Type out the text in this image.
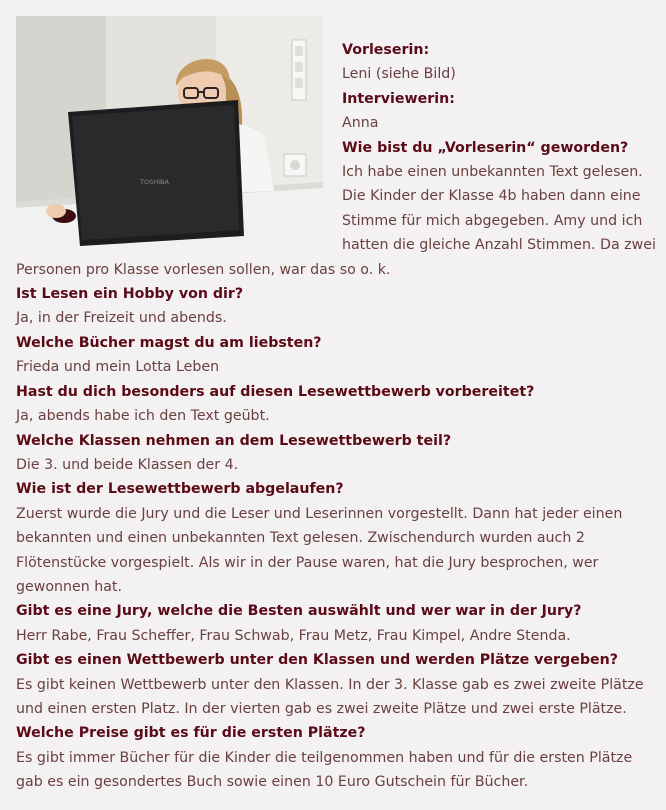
TOSHIBA

Vorleserin:

Leni (siehe Bild)

Interviewerin:

Anna

Wie bist du „Vorleserin“ geworden?

Ich habe einen unbekannten Text gelesen. Die Kinder der Klasse 4b haben dann eine Stimme für mich abgegeben. Amy und ich hatten die gleiche Anzahl Stimmen. Da zwei Personen pro Klasse vorlesen sollen, war das so o. k.

Ist Lesen ein Hobby von dir?

Ja, in der Freizeit und abends.

Welche Bücher magst du am liebsten?

Frieda und mein Lotta Leben

Hast du dich besonders auf diesen Lesewettbewerb vorbereitet?

Ja, abends habe ich den Text geübt.

Welche Klassen nehmen an dem Lesewettbewerb teil?

Die 3. und beide Klassen der 4.

Wie ist der Lesewettbewerb abgelaufen?

Zuerst wurde die Jury und die Leser und Leserinnen vorgestellt. Dann hat jeder einen bekannten und einen unbekannten Text gelesen. Zwischendurch wurden auch 2 Flötenstücke vorgespielt. Als wir in der Pause waren, hat die Jury besprochen, wer gewonnen hat.

Gibt es eine Jury, welche die Besten auswählt und wer war in der Jury?

Herr Rabe, Frau Scheffer, Frau Schwab, Frau Metz, Frau Kimpel, Andre Stenda.

Gibt es einen Wettbewerb unter den Klassen und werden Plätze vergeben?

Es gibt keinen Wettbewerb unter den Klassen. In der 3. Klasse gab es zwei zweite Plätze und einen ersten Platz. In der vierten gab es zwei zweite Plätze und zwei erste Plätze.

Welche Preise gibt es für die ersten Plätze?

Es gibt immer Bücher für die Kinder die teilgenommen haben und für die ersten Plätze gab es ein gesondertes Buch sowie einen 10 Euro Gutschein für Bücher.
